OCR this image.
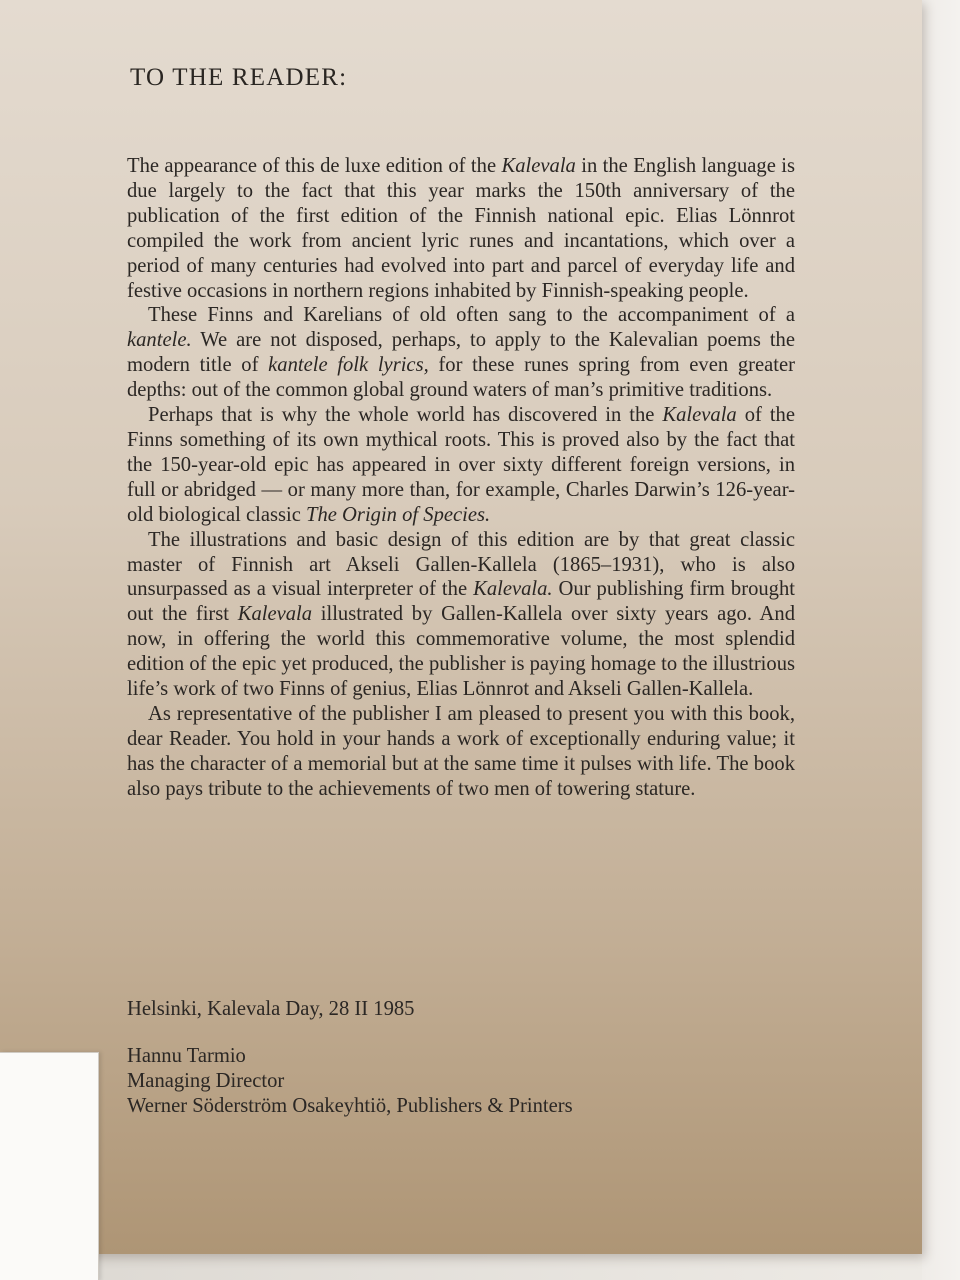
TO THE READER:

The appearance of this de luxe edition of the Kalevala in the English language is due largely to the fact that this year marks the 150th anniversary of the publication of the first edition of the Finnish national epic. Elias Lönnrot compiled the work from ancient lyric runes and incantations, which over a period of many centuries had evolved into part and parcel of everyday life and festive occasions in northern regions inhabited by Finnish-speaking people.

These Finns and Karelians of old often sang to the accompaniment of a kantele. We are not disposed, perhaps, to apply to the Kalevalian poems the modern title of kantele folk lyrics, for these runes spring from even greater depths: out of the common global ground waters of man’s primitive traditions.

Perhaps that is why the whole world has discovered in the Kalevala of the Finns something of its own mythical roots. This is proved also by the fact that the 150-year-old epic has appeared in over sixty different foreign versions, in full or abridged — or many more than, for example, Charles Darwin’s 126-year-old biological classic The Origin of Species.

The illustrations and basic design of this edition are by that great classic master of Finnish art Akseli Gallen-Kallela (1865–1931), who is also unsurpassed as a visual interpreter of the Kalevala. Our publishing firm brought out the first Kalevala illustrated by Gallen-Kallela over sixty years ago. And now, in offering the world this commemorative volume, the most splendid edition of the epic yet produced, the publisher is paying homage to the illustrious life’s work of two Finns of genius, Elias Lönnrot and Akseli Gallen-Kallela.

As representative of the publisher I am pleased to present you with this book, dear Reader. You hold in your hands a work of exceptionally enduring value; it has the character of a memorial but at the same time it pulses with life. The book also pays tribute to the achievements of two men of towering stature.

Helsinki, Kalevala Day, 28 II 1985
Hannu Tarmio
Managing Director
Werner Söderström Osakeyhtiö, Publishers & Printers
